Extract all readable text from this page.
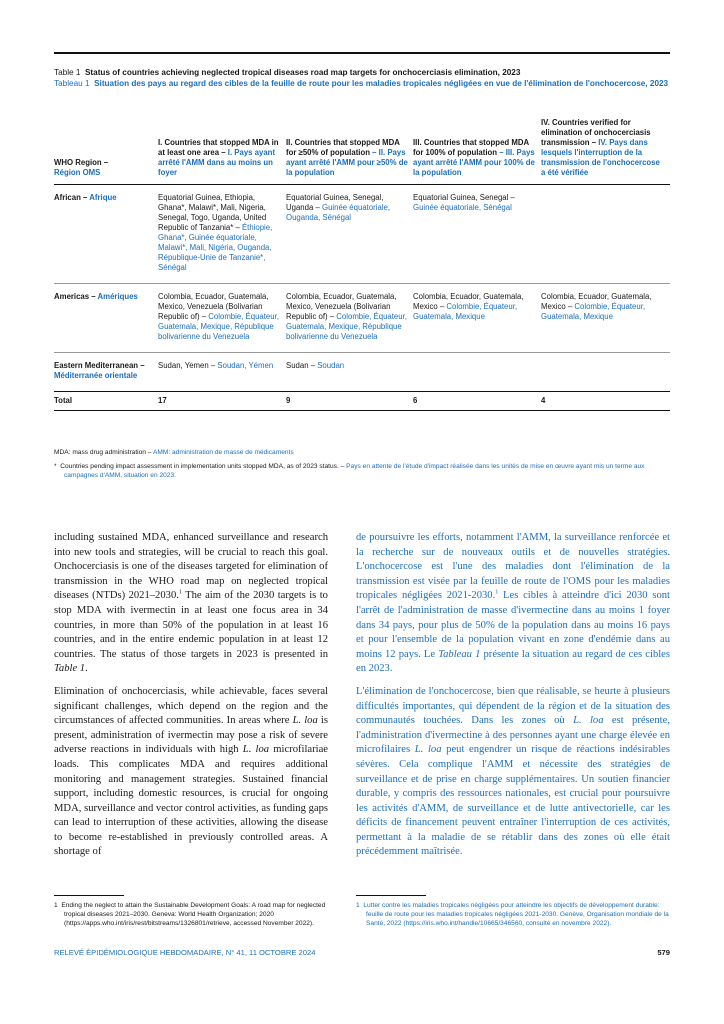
Table 1 Status of countries achieving neglected tropical diseases road map targets for onchocerciasis elimination, 2023
Tableau 1 Situation des pays au regard des cibles de la feuille de route pour les maladies tropicales négligées en vue de l'élimination de l'onchocercose, 2023
WHO Region –
Région OMS	I. Countries that stopped MDA in at least one area – I. Pays ayant arrêté l'AMM dans au moins un foyer	II. Countries that stopped MDA for ≥50% of population – II. Pays ayant arrêté l'AMM pour ≥50% de la population	III. Countries that stopped MDA for 100% of population – III. Pays ayant arrêté l'AMM pour 100% de la population	IV. Countries verified for elimination of onchocerciasis transmission – IV. Pays dans lesquels l'interruption de la transmission de l'onchocercose a été vérifiée
African – Afrique	Equatorial Guinea, Ethiopia, Ghana*, Malawi*, Mali, Nigeria, Senegal, Togo, Uganda, United Republic of Tanzania* – Éthiopie, Ghana*, Guinée équatoriale, Malawi*, Mali, Nigéria, Ouganda, République-Unie de Tanzanie*, Sénégal	Equatorial Guinea, Senegal, Uganda – Guinée équatoriale, Ouganda, Sénégal	Equatorial Guinea, Senegal – Guinée équatoriale, Sénégal	
Americas – Amériques	Colombia, Ecuador, Guatemala, Mexico, Venezuela (Bolivarian Republic of) – Colombie, Équateur, Guatemala, Mexique, République bolivarienne du Venezuela	Colombia, Ecuador, Guatemala, Mexico, Venezuela (Bolivarian Republic of) – Colombie, Équateur, Guatemala, Mexique, République bolivarienne du Venezuela	Colombia, Ecuador, Guatemala, Mexico – Colombie, Équateur, Guatemala, Mexique	Colombia, Ecuador, Guatemala, Mexico – Colombie, Équateur, Guatemala, Mexique
Eastern Mediterranean – Méditerranée orientale	Sudan, Yemen – Soudan, Yémen	Sudan – Soudan		
Total	17	9	6	4
MDA: mass drug administration – AMM: administration de masse de médicaments
* Countries pending impact assessment in implementation units stopped MDA, as of 2023 status. – Pays en attente de l'étude d'impact réalisée dans les unités de mise en œuvre ayant mis un terme aux campagnes d'AMM, situation en 2023.

including sustained MDA, enhanced surveillance and research into new tools and strategies, will be crucial to reach this goal. Onchocerciasis is one of the diseases targeted for elimination of transmission in the WHO road map on neglected tropical diseases (NTDs) 2021–2030.$^1$ The aim of the 2030 targets is to stop MDA with ivermectin in at least one focus area in 34 countries, in more than 50% of the population in at least 16 countries, and in the entire endemic population in at least 12 countries. The status of those targets in 2023 is presented in Table 1.

Elimination of onchocerciasis, while achievable, faces several significant challenges, which depend on the region and the circumstances of affected communities. In areas where L. loa is present, administration of ivermectin may pose a risk of severe adverse reactions in individuals with high L. loa microfilariae loads. This complicates MDA and requires additional monitoring and management strategies. Sustained financial support, including domestic resources, is crucial for ongoing MDA, surveillance and vector control activities, as funding gaps can lead to interruption of these activities, allowing the disease to become re-established in previously controlled areas. A shortage of

de poursuivre les efforts, notamment l'AMM, la surveillance renforcée et la recherche sur de nouveaux outils et de nouvelles stratégies. L'onchocercose est l'une des maladies dont l'élimination de la transmission est visée par la feuille de route de l'OMS pour les maladies tropicales négligées 2021-2030.$^1$ Les cibles à atteindre d'ici 2030 sont l'arrêt de l'administration de masse d'ivermectine dans au moins 1 foyer dans 34 pays, pour plus de 50% de la population dans au moins 16 pays et pour l'ensemble de la population vivant en zone d'endémie dans au moins 12 pays. Le Tableau 1 présente la situation au regard de ces cibles en 2023.

L'élimination de l'onchocercose, bien que réalisable, se heurte à plusieurs difficultés importantes, qui dépendent de la région et de la situation des communautés touchées. Dans les zones où L. loa est présente, l'administration d'ivermectine à des personnes ayant une charge élevée en microfilaires L. loa peut engendrer un risque de réactions indésirables sévères. Cela complique l'AMM et nécessite des stratégies de surveillance et de prise en charge supplémentaires. Un soutien financier durable, y compris des ressources nationales, est crucial pour poursuivre les activités d'AMM, de surveillance et de lutte antivectorielle, car les déficits de financement peuvent entraîner l'interruption de ces activités, permettant à la maladie de se rétablir dans des zones où elle était précédemment maîtrisée.

1 Ending the neglect to attain the Sustainable Development Goals: A road map for neglected tropical diseases 2021–2030. Geneva: World Health Organization; 2020 (https://apps.who.int/iris/rest/bitstreams/1326801/retrieve, accessed November 2022).
1 Lutter contre les maladies tropicales négligées pour atteindre les objectifs de développement durable: feuille de route pour les maladies tropicales négligées 2021-2030. Genève, Organisation mondiale de la Santé, 2022 (https://iris.who.int/handle/10665/346560, consulté en novembre 2022).
RELEVÉ ÉPIDÉMIOLOGIQUE HEBDOMADAIRE, N° 41, 11 OCTOBRE 2024	579
